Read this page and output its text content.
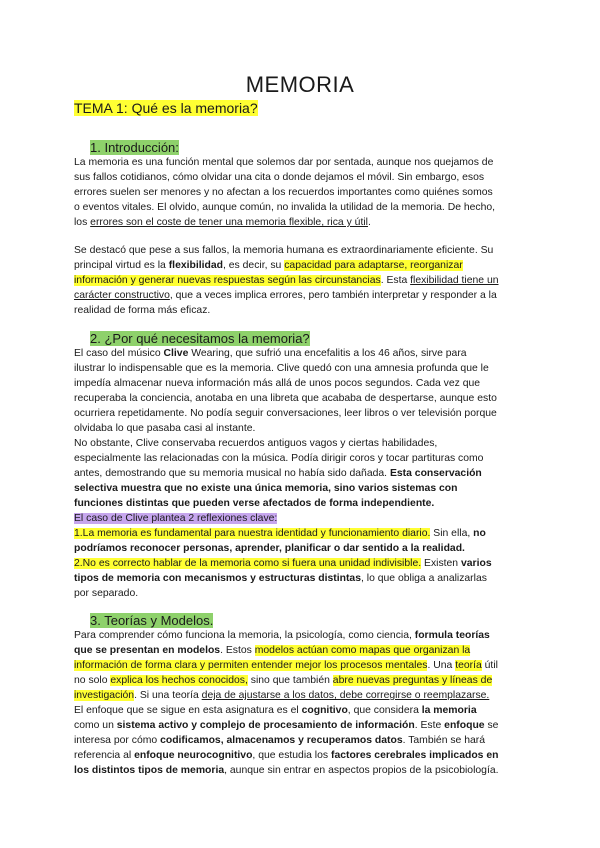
MEMORIA
TEMA 1: Qué es la memoria?
1. Introducción:
La memoria es una función mental que solemos dar por sentada, aunque nos quejamos de
sus fallos cotidianos, cómo olvidar una cita o donde dejamos el móvil. Sin embargo, esos
errores suelen ser menores y no afectan a los recuerdos importantes como quiénes somos
o eventos vitales. El olvido, aunque común, no invalida la utilidad de la memoria. De hecho,
los errores son el coste de tener una memoria flexible, rica y útil.
Se destacó que pese a sus fallos, la memoria humana es extraordinariamente eficiente. Su
principal virtud es la flexibilidad, es decir, su capacidad para adaptarse, reorganizar
información y generar nuevas respuestas según las circunstancias. Esta flexibilidad tiene un
carácter constructivo, que a veces implica errores, pero también interpretar y responder a la
realidad de forma más eficaz.
2. ¿Por qué necesitamos la memoria?
El caso del músico Clive Wearing, que sufrió una encefalitis a los 46 años, sirve para
ilustrar lo indispensable que es la memoria. Clive quedó con una amnesia profunda que le
impedía almacenar nueva información más allá de unos pocos segundos. Cada vez que
recuperaba la conciencia, anotaba en una libreta que acababa de despertarse, aunque esto
ocurriera repetidamente. No podía seguir conversaciones, leer libros o ver televisión porque
olvidaba lo que pasaba casi al instante.
No obstante, Clive conservaba recuerdos antiguos vagos y ciertas habilidades,
especialmente las relacionadas con la música. Podía dirigir coros y tocar partituras como
antes, demostrando que su memoria musical no había sido dañada. Esta conservación
selectiva muestra que no existe una única memoria, sino varios sistemas con
funciones distintas que pueden verse afectados de forma independiente.
El caso de Clive plantea 2 reflexiones clave:
1.La memoria es fundamental para nuestra identidad y funcionamiento diario. Sin ella, no
podríamos reconocer personas, aprender, planificar o dar sentido a la realidad.
2.No es correcto hablar de la memoria como si fuera una unidad indivisible. Existen varios
tipos de memoria con mecanismos y estructuras distintas, lo que obliga a analizarlas
por separado.
3. Teorías y Modelos.
Para comprender cómo funciona la memoria, la psicología, como ciencia, formula teorías
que se presentan en modelos. Estos modelos actúan como mapas que organizan la
información de forma clara y permiten entender mejor los procesos mentales. Una teoría útil
no solo explica los hechos conocidos, sino que también abre nuevas preguntas y líneas de
investigación. Si una teoría deja de ajustarse a los datos, debe corregirse o reemplazarse.
El enfoque que se sigue en esta asignatura es el cognitivo, que considera la memoria
como un sistema activo y complejo de procesamiento de información. Este enfoque se
interesa por cómo codificamos, almacenamos y recuperamos datos. También se hará
referencia al enfoque neurocognitivo, que estudia los factores cerebrales implicados en
los distintos tipos de memoria, aunque sin entrar en aspectos propios de la psicobiología.
